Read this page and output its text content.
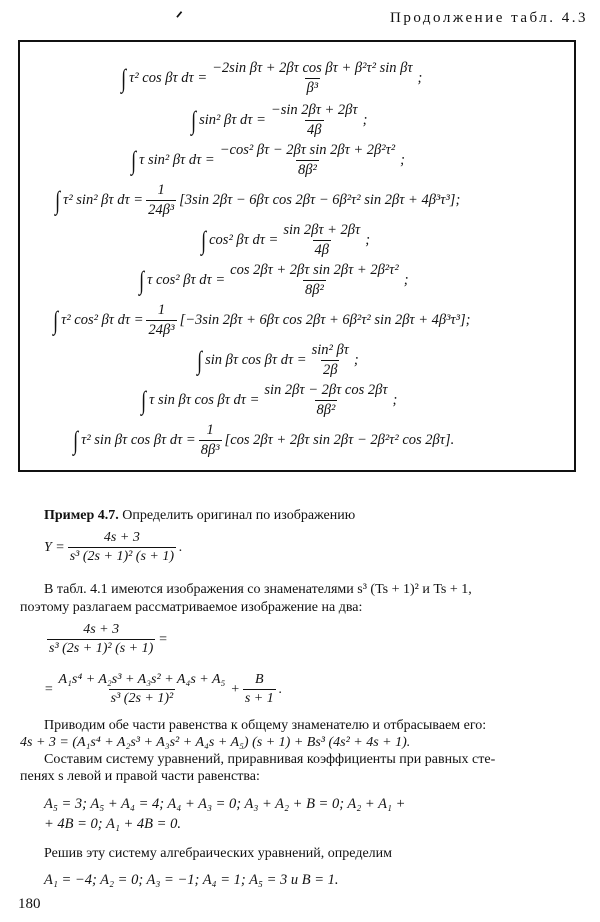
ᐟ	Продолжение табл. 4.3
∫ τ² cos βτ $d\tau = \frac{\text{−2sin βτ + 2βτ cos βτ + β²τ² sin βτ}}{\text{β³}}$ ;
∫ sin² βτ $d\tau = \frac{-\sin 2\beta\tau + 2\beta\tau}{4\beta}$ ;
∫ τ sin² βτ $d\tau = \frac{\text{−cos² βτ − 2βτ sin 2βτ + 2β²τ²}}{\text{8β²}}$ ;
∫ τ² sin² βτ $d\tau = \frac{1}{\text{24β³}} [3\sin$ 2βτ − 6βτ cos 2βτ − 6β²τ² sin 2βτ + 4β³τ³];
∫ cos² βτ $d\tau = \frac{\sin 2\beta\tau + 2\beta\tau}{4\beta}$ ;
∫ τ cos² βτ $d\tau = \frac{\text{cos 2βτ + 2βτ sin 2βτ + 2β²τ²}}{\text{8β²}}$ ;
∫ τ² cos² βτ $d\tau = \frac{1}{\text{24β³}} [-3\sin$ 2βτ + 6βτ cos 2βτ + 6β²τ² sin 2βτ + 4β³τ³];
∫ sin βτ cos βτ $d\tau = \frac{\text{sin² βτ}}{2\beta}$ ;
∫ τ sin βτ cos βτ $d\tau = \frac{\text{sin 2βτ − 2βτ cos 2βτ}}{\text{8β²}}$ ;
∫ τ² sin βτ cos βτ $d\tau = \frac{1}{\text{8β³}} [\cos$ 2βτ + 2βτ sin 2βτ − 2β²τ² cos 2βτ].
Пример 4.7. Определить оригинал по изображению
$Y = \frac{4s + 3}{\text{s³ (2s + 1)² (s + 1)}}$ .
В табл. 4.1 имеются изображения со знаменателями s³ (Ts + 1)² и Ts + 1,
поэтому разлагаем рассматриваемое изображение на два:
$\frac{4s + 3}{\text{s³ (2s + 1)² (s + 1)}}$ =
= $\frac{\text{A₁s⁴ + A₂s³ + A₃s² + A₄s + A₅}}{\text{s³ (2s + 1)²}} + \frac{B}{s + 1}$ .
Приводим обе части равенства к общему знаменателю и отбрасываем его:
4s + 3 = (A₁s⁴ + A₂s³ + A₃s² + A₄s + A₅) (s + 1) + Bs³ (4s² + 4s + 1).
Составим систему уравнений, приравнивая коэффициенты при равных сте-
пенях s левой и правой части равенства:
A₅ = 3; A₅ + A₄ = 4; A₄ + A₃ = 0; A₃ + A₂ + B = 0; A₂ + A₁ +
+ 4B = 0; A₁ + 4B = 0.
Решив эту систему алгебраических уравнений, определим
A₁ = −4; A₂ = 0; A₃ = −1; A₄ = 1; A₅ = 3 и B = 1.
180
